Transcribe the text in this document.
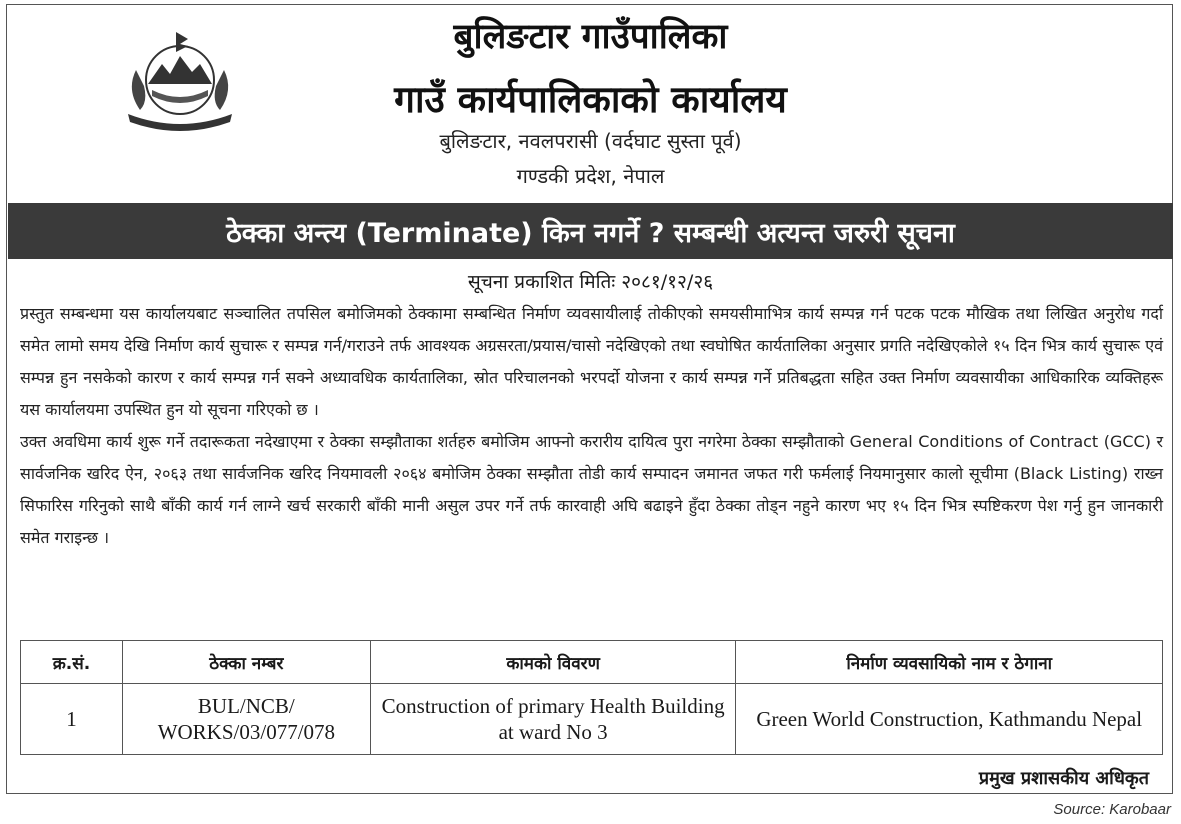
बुलिङटार गाउँपालिका
गाउँ कार्यपालिकाको कार्यालय
बुलिङटार, नवलपरासी (वर्दघाट सुस्ता पूर्व)
गण्डकी प्रदेश, नेपाल
ठेक्का अन्त्य (Terminate) किन नगर्ने ? सम्बन्धी अत्यन्त जरुरी सूचना
सूचना प्रकाशित मितिः २०८१/१२/२६

प्रस्तुत सम्बन्धमा यस कार्यालयबाट सञ्चालित तपसिल बमोजिमको ठेक्कामा सम्बन्धित निर्माण व्यवसायीलाई तोकीएको समयसीमाभित्र कार्य सम्पन्न गर्न पटक पटक मौखिक तथा लिखित अनुरोध गर्दा समेत लामो समय देखि निर्माण कार्य सुचारू र सम्पन्न गर्न/गराउने तर्फ आवश्यक अग्रसरता/प्रयास/चासो नदेखिएको तथा स्वघोषित कार्यतालिका अनुसार प्रगति नदेखिएकोले १५ दिन भित्र कार्य सुचारू एवं सम्पन्न हुन नसकेको कारण र कार्य सम्पन्न गर्न सक्ने अध्यावधिक कार्यतालिका, स्रोत परिचालनको भरपर्दो योजना र कार्य सम्पन्न गर्ने प्रतिबद्धता सहित उक्त निर्माण व्यवसायीका आधिकारिक व्यक्तिहरू यस कार्यालयमा उपस्थित हुन यो सूचना गरिएको छ ।

उक्त अवधिमा कार्य शुरू गर्ने तदारूकता नदेखाएमा र ठेक्का सम्झौताका शर्तहरु बमोजिम आफ्नो करारीय दायित्व पुरा नगरेमा ठेक्का सम्झौताको General Conditions of Contract (GCC) र सार्वजनिक खरिद ऐन, २०६३ तथा सार्वजनिक खरिद नियमावली २०६४ बमोजिम ठेक्का सम्झौता तोडी कार्य सम्पादन जमानत जफत गरी फर्मलाई नियमानुसार कालो सूचीमा (Black Listing) राख्न सिफारिस गरिनुको साथै बाँकी कार्य गर्न लाग्ने खर्च सरकारी बाँकी मानी असुल उपर गर्ने तर्फ कारवाही अघि बढाइने हुँदा ठेक्का तोड्न नहुने कारण भए १५ दिन भित्र स्पष्टिकरण पेश गर्नु हुन जानकारी समेत गराइन्छ ।

क्र.सं.	ठेक्का नम्बर	कामको विवरण	निर्माण व्यवसायिको नाम र ठेगाना
1	BUL/NCB/ WORKS/03/077/078	Construction of primary Health Building at ward No 3	Green World Construction, Kathmandu Nepal
प्रमुख प्रशासकीय अधिकृत
Source: Karobaar
